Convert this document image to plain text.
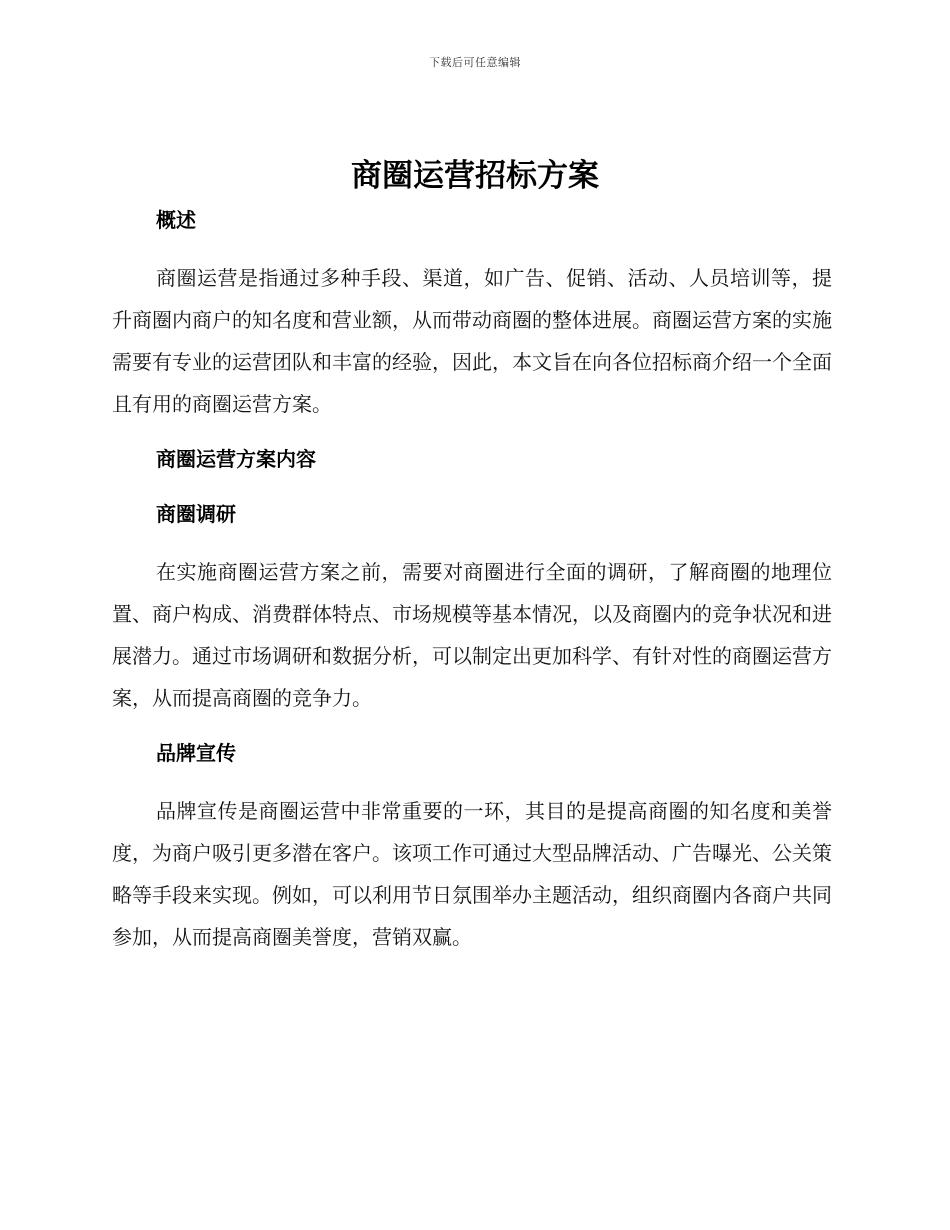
下载后可任意编辑
商圈运营招标方案
概述

商圈运营是指通过多种手段、渠道，如广告、促销、活动、人员培训等，提升商圈内商户的知名度和营业额，从而带动商圈的整体进展。商圈运营方案的实施需要有专业的运营团队和丰富的经验，因此，本文旨在向各位招标商介绍一个全面且有用的商圈运营方案。

商圈运营方案内容
商圈调研

在实施商圈运营方案之前，需要对商圈进行全面的调研，了解商圈的地理位置、商户构成、消费群体特点、市场规模等基本情况，以及商圈内的竞争状况和进展潜力。通过市场调研和数据分析，可以制定出更加科学、有针对性的商圈运营方案，从而提高商圈的竞争力。

品牌宣传

品牌宣传是商圈运营中非常重要的一环，其目的是提高商圈的知名度和美誉度，为商户吸引更多潜在客户。该项工作可通过大型品牌活动、广告曝光、公关策略等手段来实现。例如，可以利用节日氛围举办主题活动，组织商圈内各商户共同参加，从而提高商圈美誉度，营销双赢。
